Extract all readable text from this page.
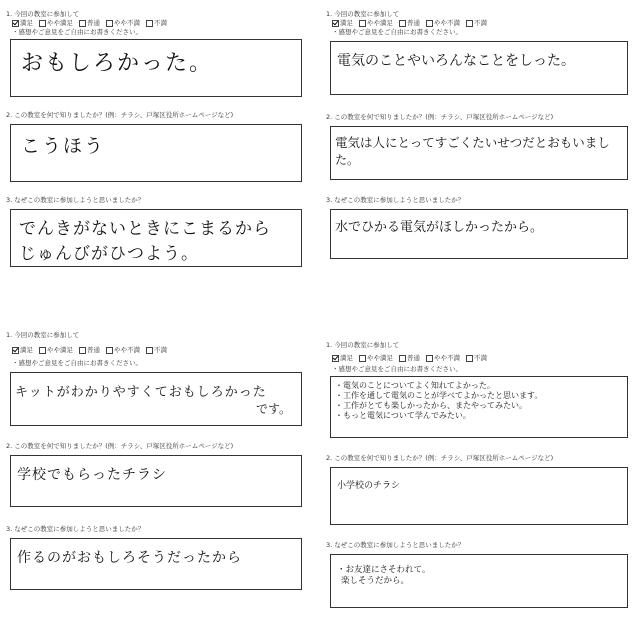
1. 今回の教室に参加して
満足 やや満足 普通 やや不満 不満
・感想やご意見をご自由にお書きください。
おもしろかった。
2. この教室を何で知りましたか？(例：チラシ、戸塚区役所ホームページなど)
こうほう
3. なぜこの教室に参加しようと思いましたか？
でんきがないときにこまるから
じゅんびがひつよう。
1. 今回の教室に参加して
満足 やや満足 普通 やや不満 不満
・感想やご意見をご自由にお書きください。
電気のことやいろんなことをしった。
2. この教室を何で知りましたか？(例：チラシ、戸塚区役所ホームページなど)
電気は人にとってすごくたいせつだとおもいまし
た。
3. なぜこの教室に参加しようと思いましたか？
水でひかる電気がほしかったから。
1. 今回の教室に参加して
満足 やや満足 普通 やや不満 不満
・感想やご意見をご自由にお書きください。
キットがわかりやすくておもしろかった
です。
2. この教室を何で知りましたか？(例：チラシ、戸塚区役所ホームページなど)
学校でもらったチラシ
3. なぜこの教室に参加しようと思いましたか？
作るのがおもしろそうだったから
1. 今回の教室に参加して
満足 やや満足 普通 やや不満 不満
・感想やご意見をご自由にお書きください。
・電気のことについてよく知れてよかった。
・工作を通して電気のことが学べてよかったと思います。
・工作がとても楽しかったから、またやってみたい。
・もっと電気について学んでみたい。
2. この教室を何で知りましたか？(例：チラシ、戸塚区役所ホームページなど)
小学校のチラシ
3. なぜこの教室に参加しようと思いましたか？
・お友達にさそわれて。
楽しそうだから。
